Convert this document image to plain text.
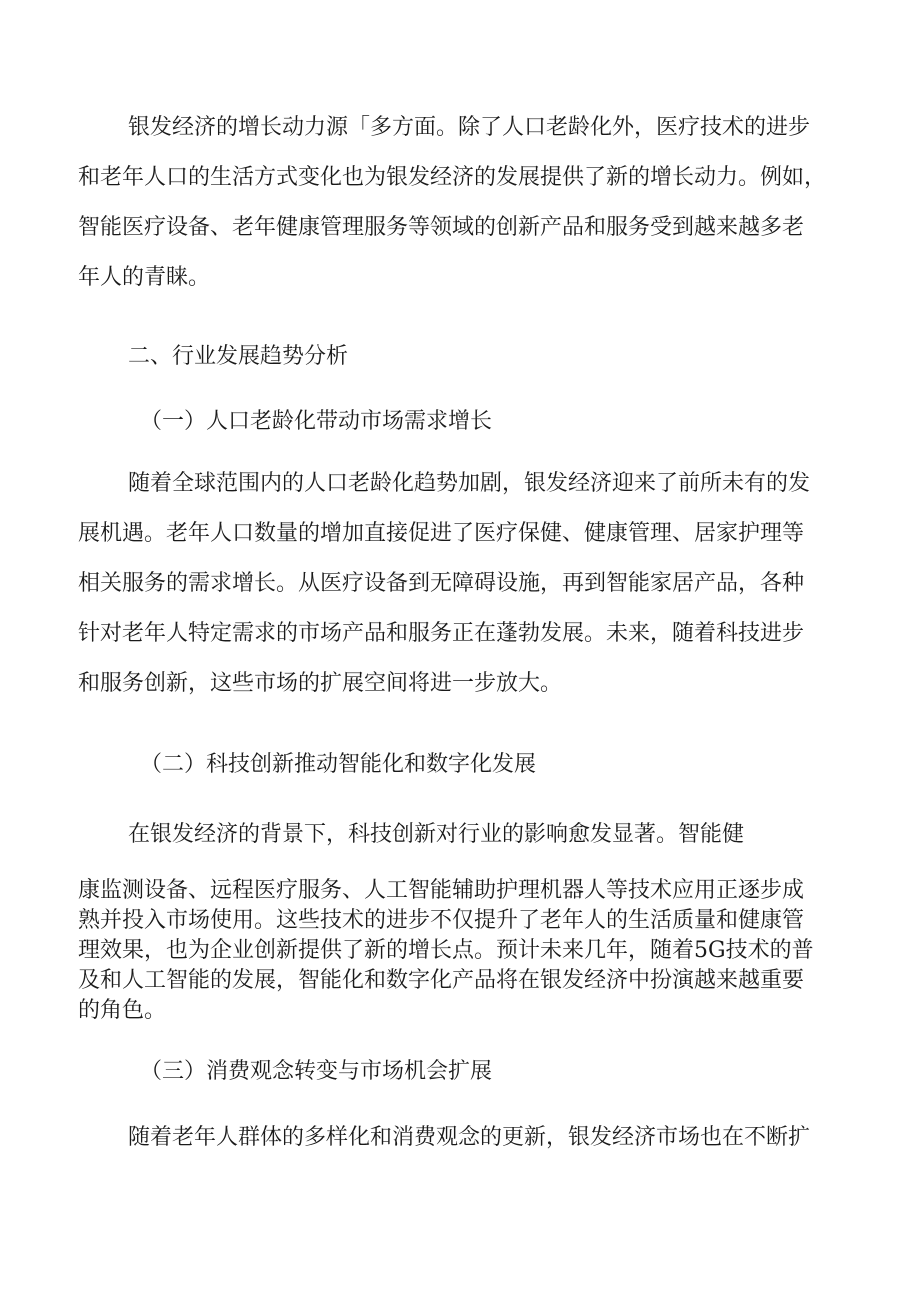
银发经济的增长动力源「多方面。除了人口老龄化外，医疗技术的进步
和老年人口的生活方式变化也为银发经济的发展提供了新的增长动力。例如，
智能医疗设备、老年健康管理服务等领域的创新产品和服务受到越来越多老
年人的青睐。
二、行业发展趋势分析
（一）人口老龄化带动市场需求增长
随着全球范围内的人口老龄化趋势加剧，银发经济迎来了前所未有的发
展机遇。老年人口数量的增加直接促进了医疗保健、健康管理、居家护理等
相关服务的需求增长。从医疗设备到无障碍设施，再到智能家居产品，各种
针对老年人特定需求的市场产品和服务正在蓬勃发展。未来，随着科技进步
和服务创新，这些市场的扩展空间将进一步放大。
（二）科技创新推动智能化和数字化发展
在银发经济的背景下，科技创新对行业的影响愈发显著。智能健
康监测设备、远程医疗服务、人工智能辅助护理机器人等技术应用正逐步成
熟并投入市场使用。这些技术的进步不仅提升了老年人的生活质量和健康管
理效果，也为企业创新提供了新的增长点。预计未来几年，随着5G技术的普
及和人工智能的发展，智能化和数字化产品将在银发经济中扮演越来越重要
的角色。
（三）消费观念转变与市场机会扩展
随着老年人群体的多样化和消费观念的更新，银发经济市场也在不断扩
